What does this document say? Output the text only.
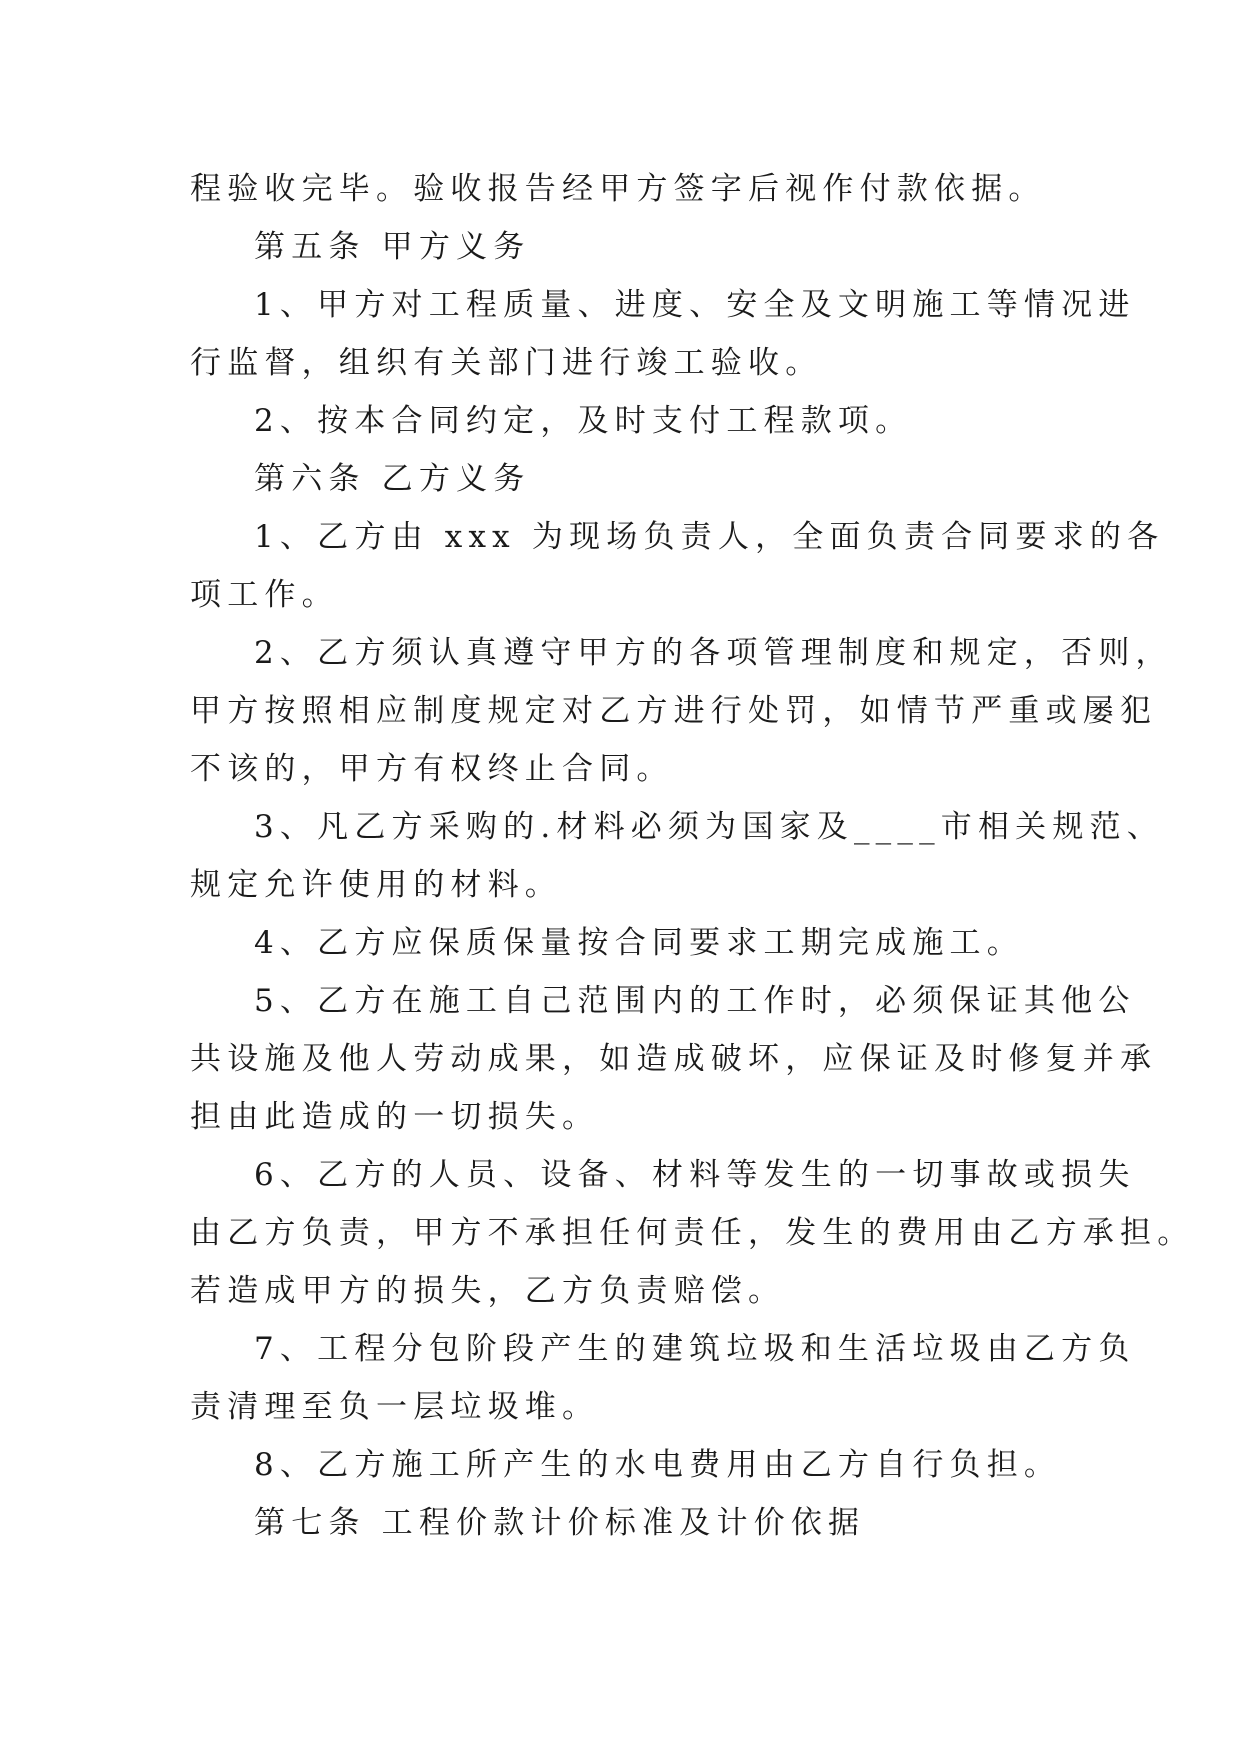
程验收完毕。验收报告经甲方签字后视作付款依据。
第五条 甲方义务
1、甲方对工程质量、进度、安全及文明施工等情况进
行监督，组织有关部门进行竣工验收。
2、按本合同约定，及时支付工程款项。
第六条 乙方义务
1、乙方由 xxx 为现场负责人，全面负责合同要求的各
项工作。
2、乙方须认真遵守甲方的各项管理制度和规定，否则，
甲方按照相应制度规定对乙方进行处罚，如情节严重或屡犯
不该的，甲方有权终止合同。
3、凡乙方采购的.材料必须为国家及____市相关规范、
规定允许使用的材料。
4、乙方应保质保量按合同要求工期完成施工。
5、乙方在施工自己范围内的工作时，必须保证其他公
共设施及他人劳动成果，如造成破坏，应保证及时修复并承
担由此造成的一切损失。
6、乙方的人员、设备、材料等发生的一切事故或损失
由乙方负责，甲方不承担任何责任，发生的费用由乙方承担。
若造成甲方的损失，乙方负责赔偿。
7、工程分包阶段产生的建筑垃圾和生活垃圾由乙方负
责清理至负一层垃圾堆。
8、乙方施工所产生的水电费用由乙方自行负担。
第七条 工程价款计价标准及计价依据
